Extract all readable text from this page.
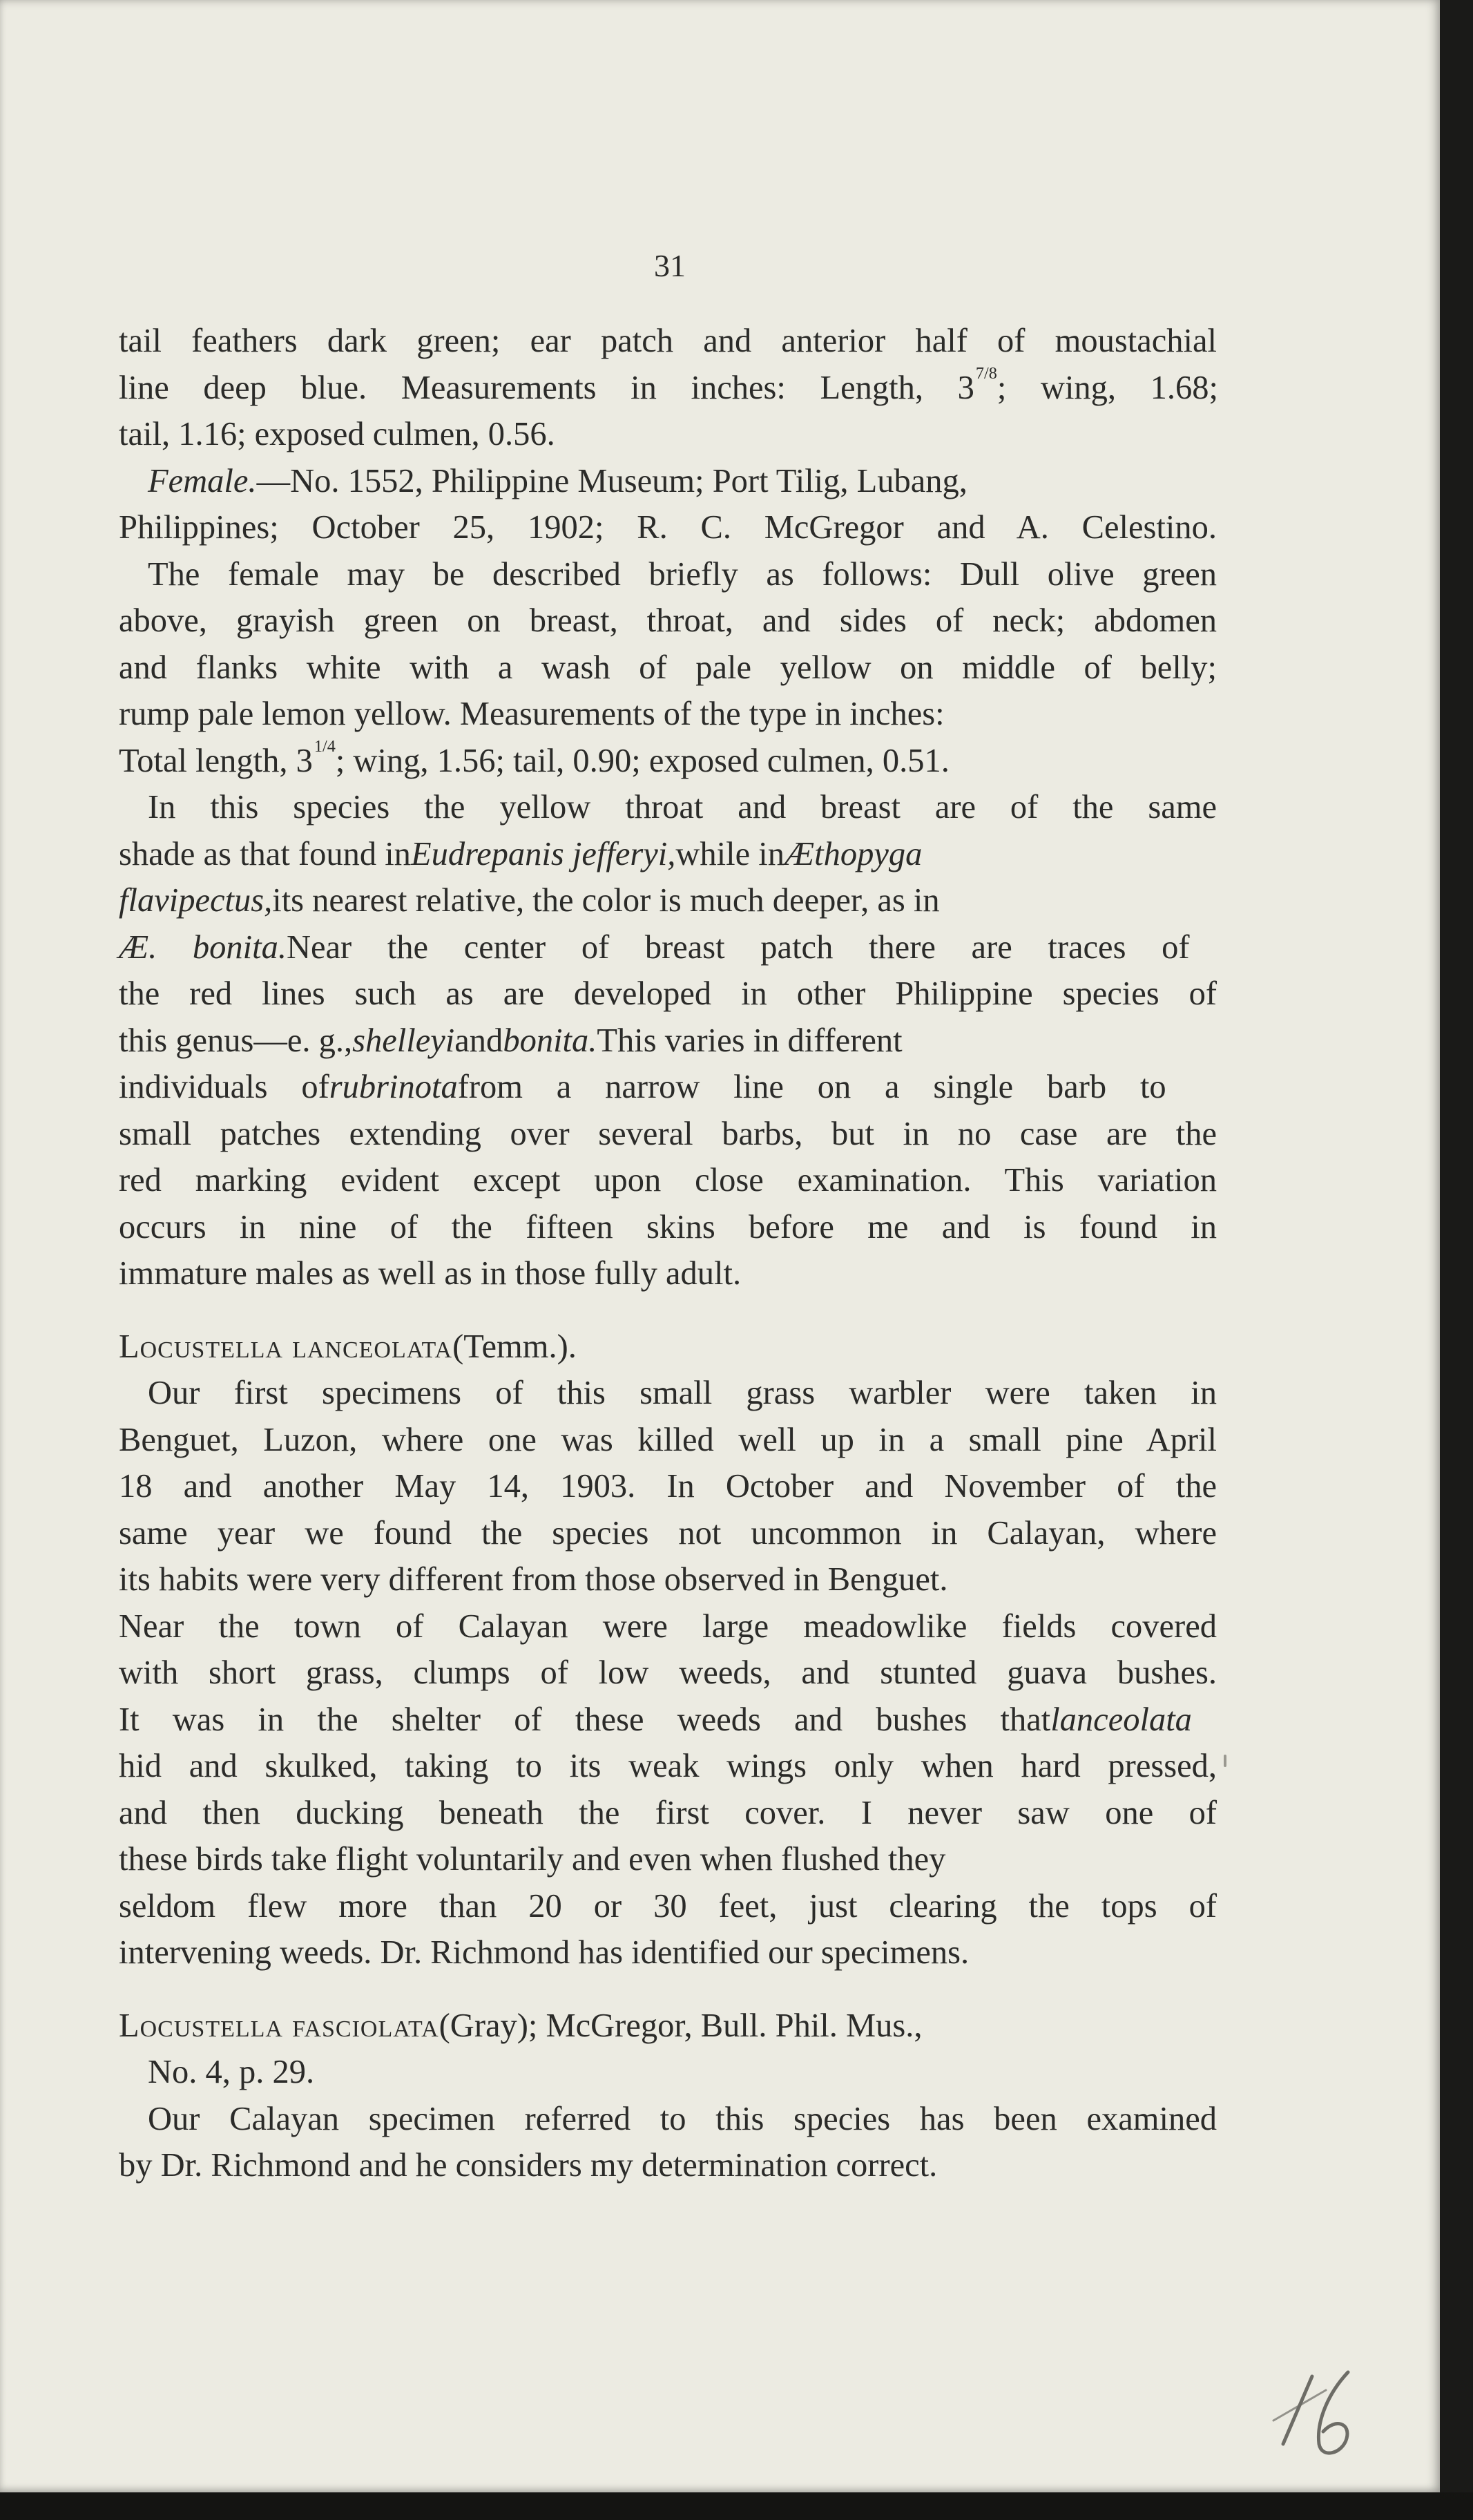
31
tail feathers dark green; ear patch and anterior half of moustachial
line deep blue. Measurements in inches: Length, 3 7/8 ; wing, 1.68;
tail, 1.16; exposed culmen, 0.56.
Female. —No. 1552, Philippine Museum; Port Tilig, Lubang,
Philippines; October 25, 1902; R. C. McGregor and A. Celestino.
The female may be described briefly as follows: Dull olive green
above, grayish green on breast, throat, and sides of neck; abdomen
and flanks white with a wash of pale yellow on middle of belly;
rump pale lemon yellow. Measurements of the type in inches:
Total length, 3 1/4 ; wing, 1.56; tail, 0.90; exposed culmen, 0.51.
In this species the yellow throat and breast are of the same
shade as that found in Eudrepanis jefferyi, while in Æthopyga
flavipectus, its nearest relative, the color is much deeper, as in
Æ. bonita. Near the center of breast patch there are traces of
the red lines such as are developed in other Philippine species of
this genus—e. g., shelleyi and bonita. This varies in different
individuals of rubrinota from a narrow line on a single barb to
small patches extending over several barbs, but in no case are the
red marking evident except upon close examination. This variation
occurs in nine of the fifteen skins before me and is found in
immature males as well as in those fully adult.
Locustella lanceolata (Temm.).
Our first specimens of this small grass warbler were taken in
Benguet, Luzon, where one was killed well up in a small pine April
18 and another May 14, 1903. In October and November of the
same year we found the species not uncommon in Calayan, where
its habits were very different from those observed in Benguet.
Near the town of Calayan were large meadowlike fields covered
with short grass, clumps of low weeds, and stunted guava bushes.
It was in the shelter of these weeds and bushes that lanceolata
hid and skulked, taking to its weak wings only when hard pressed,
and then ducking beneath the first cover. I never saw one of
these birds take flight voluntarily and even when flushed they
seldom flew more than 20 or 30 feet, just clearing the tops of
intervening weeds. Dr. Richmond has identified our specimens.
Locustella fasciolata (Gray); McGregor, Bull. Phil. Mus.,
No. 4, p. 29.
Our Calayan specimen referred to this species has been examined
by Dr. Richmond and he considers my determination correct.
